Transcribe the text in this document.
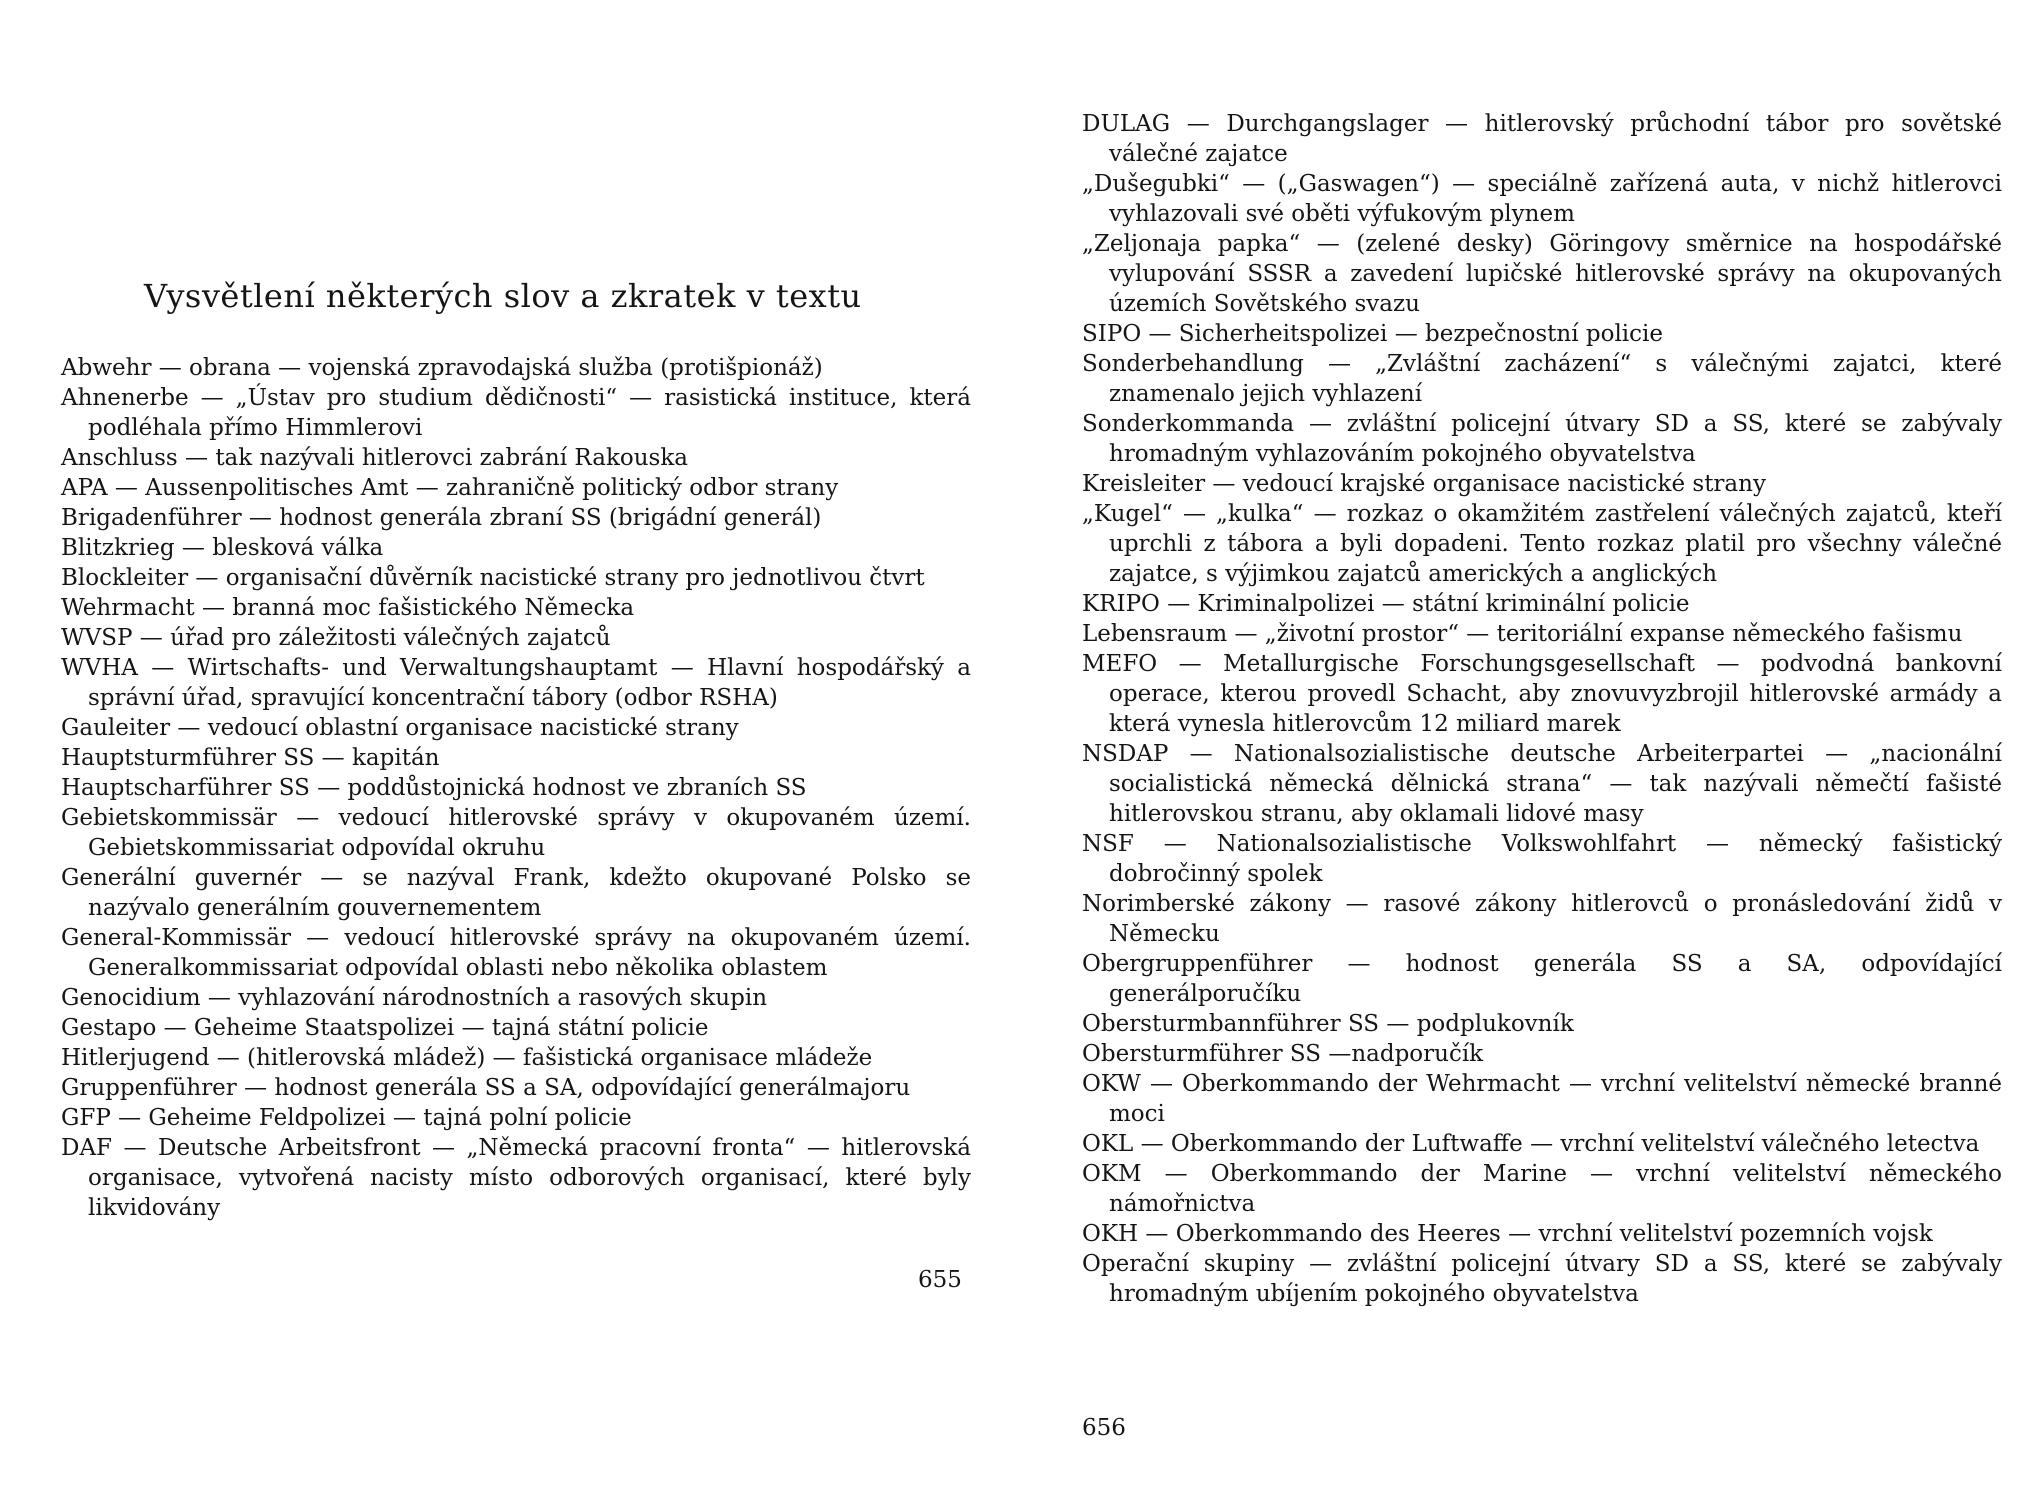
Vysvětlení některých slov a zkratek v textu
Abwehr — obrana — vojenská zpravodajská služba (protišpionáž)
Ahnenerbe — „Ústav pro studium dědičnosti“ — rasistická instituce, která podléhala přímo Himmlerovi
Anschluss — tak nazývali hitlerovci zabrání Rakouska
APA — Aussenpolitisches Amt — zahraničně politický odbor strany
Brigadenführer — hodnost generála zbraní SS (brigádní generál)
Blitzkrieg — blesková válka
Blockleiter — organisační důvěrník nacistické strany pro jednotlivou čtvrt
Wehrmacht — branná moc fašistického Německa
WVSP — úřad pro záležitosti válečných zajatců
WVHA — Wirtschafts- und Verwaltungshauptamt — Hlavní hospodářský a správní úřad, spravující koncentrační tábory (odbor RSHA)
Gauleiter — vedoucí oblastní organisace nacistické strany
Hauptsturmführer SS — kapitán
Hauptscharführer SS — poddůstojnická hodnost ve zbraních SS
Gebietskommissär — vedoucí hitlerovské správy v okupovaném území. Gebietskommissariat odpovídal okruhu
Generální guvernér — se nazýval Frank, kdežto okupované Polsko se nazývalo generálním gouvernementem
General-Kommissär — vedoucí hitlerovské správy na okupovaném území. Generalkommissariat odpovídal oblasti nebo několika oblastem
Genocidium — vyhlazování národnostních a rasových skupin
Gestapo — Geheime Staatspolizei — tajná státní policie
Hitlerjugend — (hitlerovská mládež) — fašistická organisace mládeže
Gruppenführer — hodnost generála SS a SA, odpovídající generálmajoru
GFP — Geheime Feldpolizei — tajná polní policie
DAF — Deutsche Arbeitsfront — „Německá pracovní fronta“ — hitlerovská organisace, vytvořená nacisty místo odborových organisací, které byly likvidovány
655
DULAG — Durchgangslager — hitlerovský průchodní tábor pro sovětské válečné zajatce
„Dušegubki“ — („Gaswagen“) — speciálně zařízená auta, v nichž hitlerovci vyhlazovali své oběti výfukovým plynem
„Zeljonaja papka“ — (zelené desky) Göringovy směrnice na hospodářské vylupování SSSR a zavedení lupičské hitlerovské správy na okupovaných územích Sovětského svazu
SIPO — Sicherheitspolizei — bezpečnostní policie
Sonderbehandlung — „Zvláštní zacházení“ s válečnými zajatci, které znamenalo jejich vyhlazení
Sonderkommanda — zvláštní policejní útvary SD a SS, které se zabývaly hromadným vyhlazováním pokojného obyvatelstva
Kreisleiter — vedoucí krajské organisace nacistické strany
„Kugel“ — „kulka“ — rozkaz o okamžitém zastřelení válečných zajatců, kteří uprchli z tábora a byli dopadeni. Tento rozkaz platil pro všechny válečné zajatce, s výjimkou zajatců amerických a anglických
KRIPO — Kriminalpolizei — státní kriminální policie
Lebensraum — „životní prostor“ — teritoriální expanse německého fašismu
MEFO — Metallurgische Forschungsgesellschaft — podvodná bankovní operace, kterou provedl Schacht, aby znovuvyzbrojil hitlerovské armády a která vynesla hitlerovcům 12 miliard marek
NSDAP — Nationalsozialistische deutsche Arbeiterpartei — „nacionální socialistická německá dělnická strana“ — tak nazývali němečtí fašisté hitlerovskou stranu, aby oklamali lidové masy
NSF — Nationalsozialistische Volkswohlfahrt — německý fašistický dobročinný spolek
Norimberské zákony — rasové zákony hitlerovců o pronásledování židů v Německu
Obergruppenführer — hodnost generála SS a SA, odpovídající generálporučíku
Obersturmbannführer SS — podplukovník
Obersturmführer SS —nadporučík
OKW — Oberkommando der Wehrmacht — vrchní velitelství německé branné moci
OKL — Oberkommando der Luftwaffe — vrchní velitelství válečného letectva
OKM — Oberkommando der Marine — vrchní velitelství německého námořnictva
OKH — Oberkommando des Heeres — vrchní velitelství pozemních vojsk
Operační skupiny — zvláštní policejní útvary SD a SS, které se zabývaly hromadným ubíjením pokojného obyvatelstva
656
